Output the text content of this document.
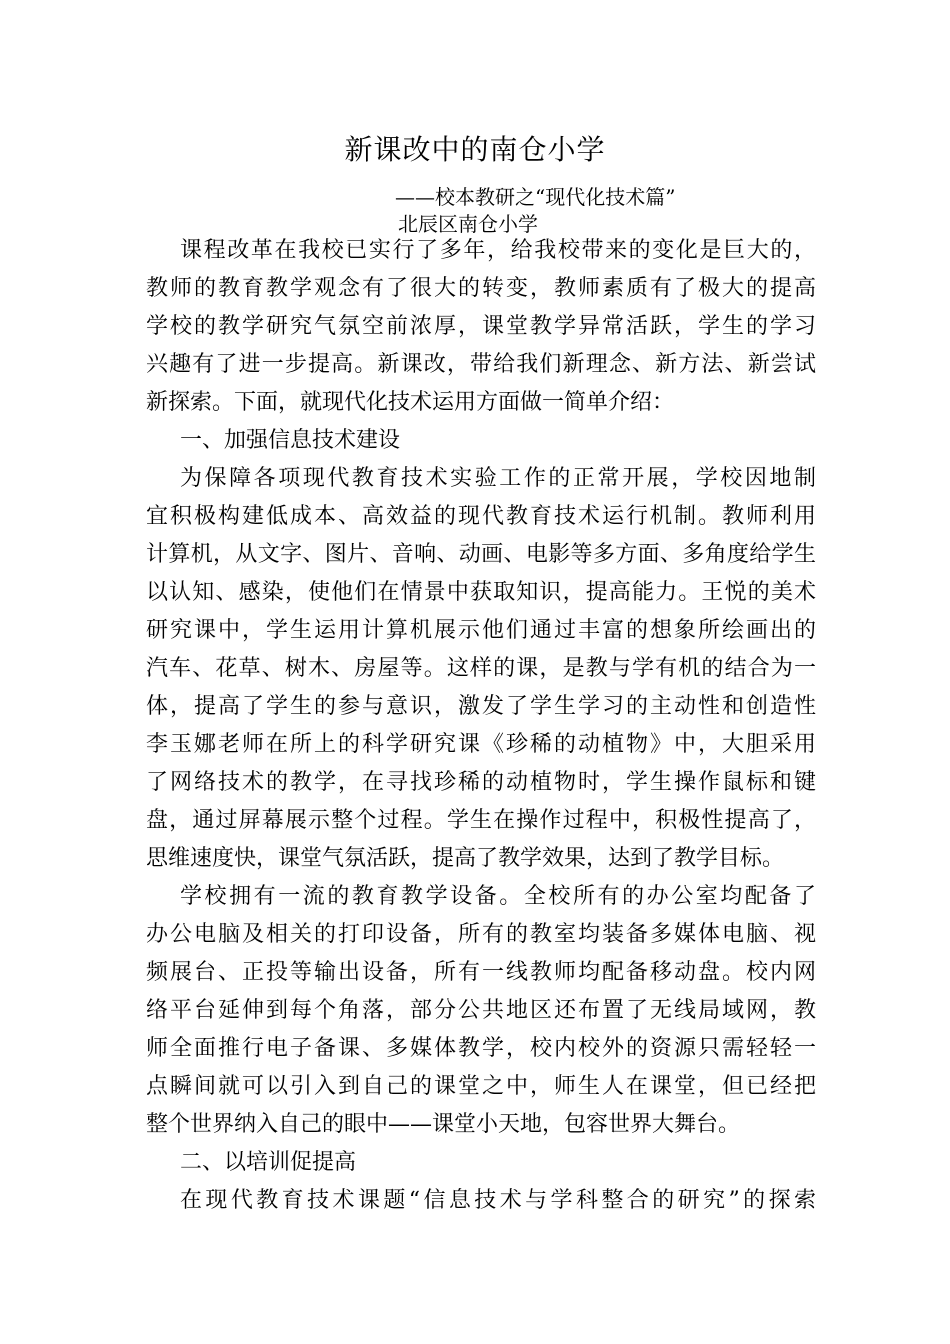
新课改中的南仓小学
——校本教研之“现代化技术篇”
北辰区南仓小学
课程改革在我校已实行了多年，给我校带来的变化是巨大的，
教师的教育教学观念有了很大的转变，教师素质有了极大的提高
学校的教学研究气氛空前浓厚，课堂教学异常活跃，学生的学习
兴趣有了进一步提高。新课改，带给我们新理念、新方法、新尝试
新探索。下面，就现代化技术运用方面做一简单介绍：
一、加强信息技术建设
为保障各项现代教育技术实验工作的正常开展，学校因地制
宜积极构建低成本、高效益的现代教育技术运行机制。教师利用
计算机，从文字、图片、音响、动画、电影等多方面、多角度给学生
以认知、感染，使他们在情景中获取知识，提高能力。王悦的美术
研究课中，学生运用计算机展示他们通过丰富的想象所绘画出的
汽车、花草、树木、房屋等。这样的课，是教与学有机的结合为一
体，提高了学生的参与意识，激发了学生学习的主动性和创造性
李玉娜老师在所上的科学研究课《珍稀的动植物》中，大胆采用
了网络技术的教学，在寻找珍稀的动植物时，学生操作鼠标和键
盘，通过屏幕展示整个过程。学生在操作过程中，积极性提高了，
思维速度快，课堂气氛活跃，提高了教学效果，达到了教学目标。
学校拥有一流的教育教学设备。全校所有的办公室均配备了
办公电脑及相关的打印设备，所有的教室均装备多媒体电脑、视
频展台、正投等输出设备，所有一线教师均配备移动盘。校内网
络平台延伸到每个角落，部分公共地区还布置了无线局域网，教
师全面推行电子备课、多媒体教学，校内校外的资源只需轻轻一
点瞬间就可以引入到自己的课堂之中，师生人在课堂，但已经把
整个世界纳入自己的眼中——课堂小天地，包容世界大舞台。
二、以培训促提高
在现代教育技术课题“信息技术与学科整合的研究”的探索
